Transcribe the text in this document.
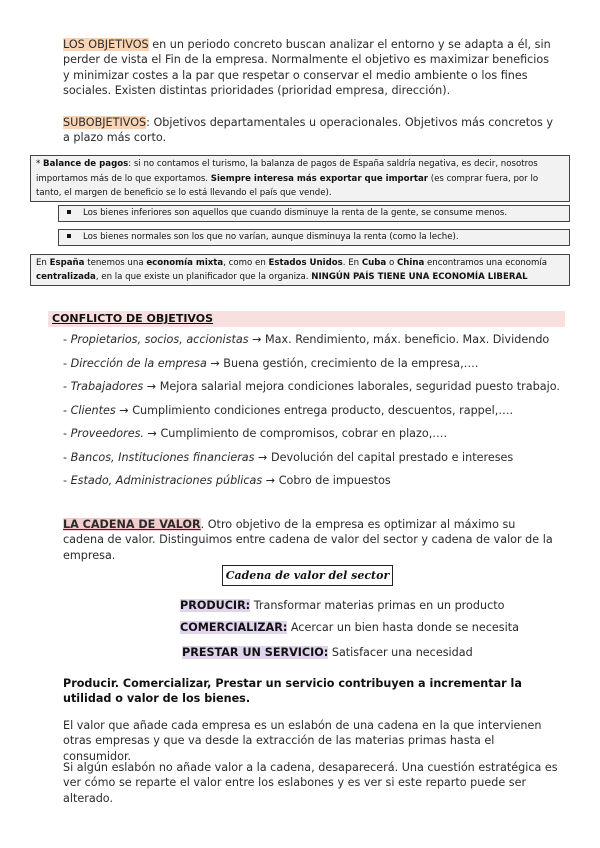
LOS OBJETIVOS en un periodo concreto buscan analizar el entorno y se adapta a él, sin perder de vista el Fin de la empresa. Normalmente el objetivo es maximizar beneficios y minimizar costes a la par que respetar o conservar el medio ambiente o los fines sociales. Existen distintas prioridades (prioridad empresa, dirección).
SUBOBJETIVOS: Objetivos departamentales u operacionales. Objetivos más concretos y a plazo más corto.
* Balance de pagos: si no contamos el turismo, la balanza de pagos de España saldría negativa, es decir, nosotros importamos más de lo que exportamos. Siempre interesa más exportar que importar (es comprar fuera, por lo tanto, el margen de beneficio se lo está llevando el país que vende).
Los bienes inferiores son aquellos que cuando disminuye la renta de la gente, se consume menos.
Los bienes normales son los que no varían, aunque disminuya la renta (como la leche).
En España tenemos una economía mixta, como en Estados Unidos. En Cuba o China encontramos una economía centralizada, en la que existe un planificador que la organiza. NINGÚN PAÍS TIENE UNA ECONOMÍA LIBERAL
CONFLICTO DE OBJETIVOS
- Propietarios, socios, accionistas → Max. Rendimiento, máx. beneficio. Max. Dividendo
- Dirección de la empresa → Buena gestión, crecimiento de la empresa,….
- Trabajadores → Mejora salarial mejora condiciones laborales, seguridad puesto trabajo.
- Clientes → Cumplimiento condiciones entrega producto, descuentos, rappel,….
- Proveedores. → Cumplimiento de compromisos, cobrar en plazo,….
- Bancos, Instituciones financieras → Devolución del capital prestado e intereses
- Estado, Administraciones públicas → Cobro de impuestos
LA CADENA DE VALOR. Otro objetivo de la empresa es optimizar al máximo su cadena de valor. Distinguimos entre cadena de valor del sector y cadena de valor de la empresa.
Cadena de valor del sector
PRODUCIR: Transformar materias primas en un producto
COMERCIALIZAR: Acercar un bien hasta donde se necesita
PRESTAR UN SERVICIO: Satisfacer una necesidad
Producir. Comercializar, Prestar un servicio contribuyen a incrementar la utilidad o valor de los bienes.
El valor que añade cada empresa es un eslabón de una cadena en la que intervienen otras empresas y que va desde la extracción de las materias primas hasta el consumidor.
Si algún eslabón no añade valor a la cadena, desaparecerá. Una cuestión estratégica es ver cómo se reparte el valor entre los eslabones y es ver si este reparto puede ser alterado.
